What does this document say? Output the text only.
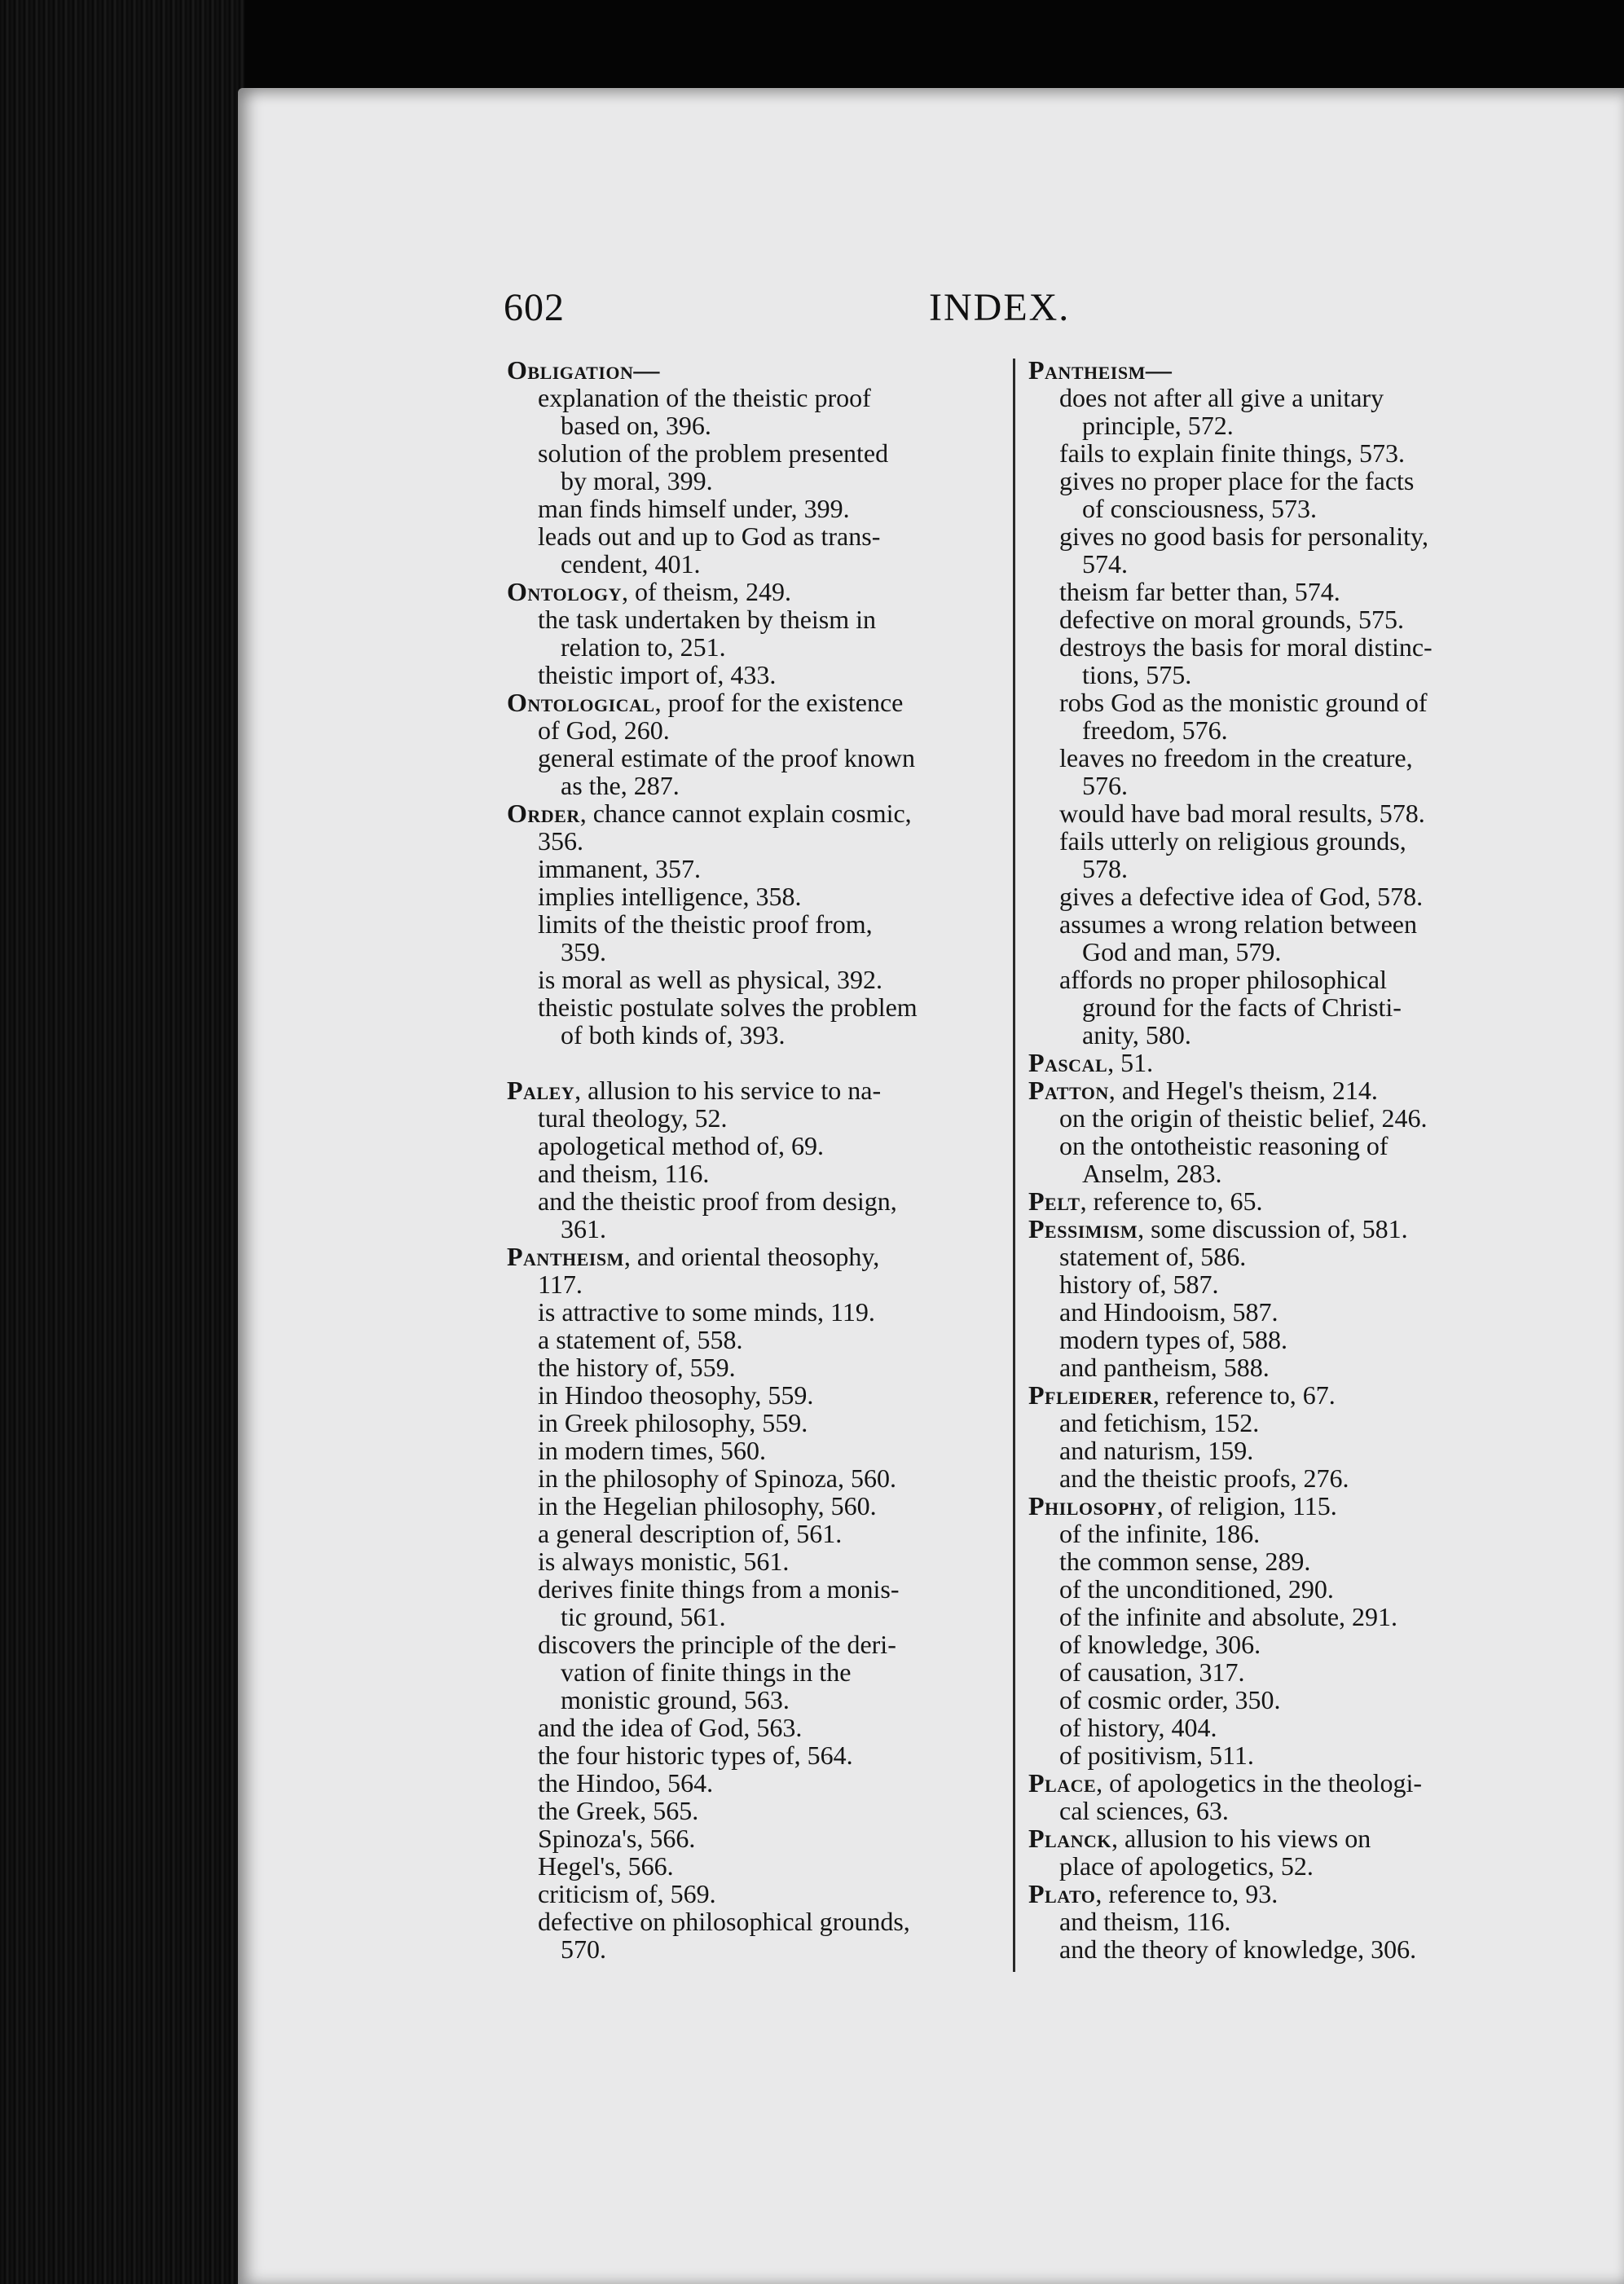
602	INDEX.
Obligation—
explanation of the theistic proof
based on, 396.
solution of the problem presented
by moral, 399.
man finds himself under, 399.
leads out and up to God as trans-
cendent, 401.
Ontology, of theism, 249.
the task undertaken by theism in
relation to, 251.
theistic import of, 433.
Ontological, proof for the existence
of God, 260.
general estimate of the proof known
as the, 287.
Order, chance cannot explain cosmic,
356.
immanent, 357.
implies intelligence, 358.
limits of the theistic proof from,
359.
is moral as well as physical, 392.
theistic postulate solves the problem
of both kinds of, 393.
Paley, allusion to his service to na-
tural theology, 52.
apologetical method of, 69.
and theism, 116.
and the theistic proof from design,
361.
Pantheism, and oriental theosophy,
117.
is attractive to some minds, 119.
a statement of, 558.
the history of, 559.
in Hindoo theosophy, 559.
in Greek philosophy, 559.
in modern times, 560.
in the philosophy of Spinoza, 560.
in the Hegelian philosophy, 560.
a general description of, 561.
is always monistic, 561.
derives finite things from a monis-
tic ground, 561.
discovers the principle of the deri-
vation of finite things in the
monistic ground, 563.
and the idea of God, 563.
the four historic types of, 564.
the Hindoo, 564.
the Greek, 565.
Spinoza's, 566.
Hegel's, 566.
criticism of, 569.
defective on philosophical grounds,
570.
Pantheism—
does not after all give a unitary
principle, 572.
fails to explain finite things, 573.
gives no proper place for the facts
of consciousness, 573.
gives no good basis for personality,
574.
theism far better than, 574.
defective on moral grounds, 575.
destroys the basis for moral distinc-
tions, 575.
robs God as the monistic ground of
freedom, 576.
leaves no freedom in the creature,
576.
would have bad moral results, 578.
fails utterly on religious grounds,
578.
gives a defective idea of God, 578.
assumes a wrong relation between
God and man, 579.
affords no proper philosophical
ground for the facts of Christi-
anity, 580.
Pascal, 51.
Patton, and Hegel's theism, 214.
on the origin of theistic belief, 246.
on the ontotheistic reasoning of
Anselm, 283.
Pelt, reference to, 65.
Pessimism, some discussion of, 581.
statement of, 586.
history of, 587.
and Hindooism, 587.
modern types of, 588.
and pantheism, 588.
Pfleiderer, reference to, 67.
and fetichism, 152.
and naturism, 159.
and the theistic proofs, 276.
Philosophy, of religion, 115.
of the infinite, 186.
the common sense, 289.
of the unconditioned, 290.
of the infinite and absolute, 291.
of knowledge, 306.
of causation, 317.
of cosmic order, 350.
of history, 404.
of positivism, 511.
Place, of apologetics in the theologi-
cal sciences, 63.
Planck, allusion to his views on
place of apologetics, 52.
Plato, reference to, 93.
and theism, 116.
and the theory of knowledge, 306.
